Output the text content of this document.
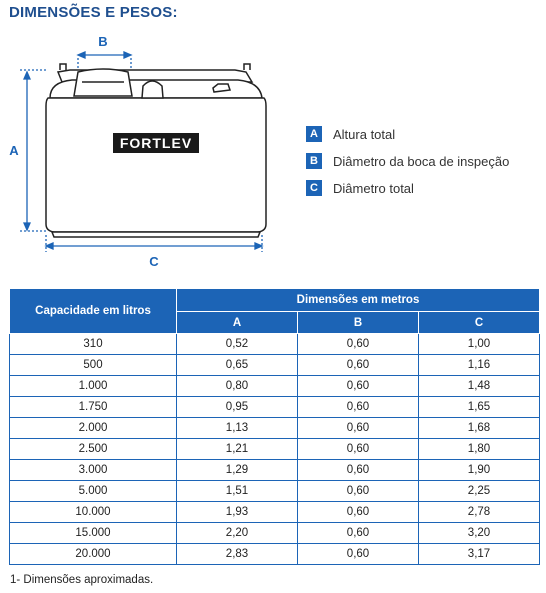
DIMENSÕES E PESOS:
B
A	FORTLEV
C
A	Altura total
B	Diâmetro da boca de inspeção
C	Diâmetro total
Capacidade em litros	Dimensões em metros		
	A	B	C
310	0,52	0,60	1,00
500	0,65	0,60	1,16
1.000	0,80	0,60	1,48
1.750	0,95	0,60	1,65
2.000	1,13	0,60	1,68
2.500	1,21	0,60	1,80
3.000	1,29	0,60	1,90
5.000	1,51	0,60	2,25
10.000	1,93	0,60	2,78
15.000	2,20	0,60	3,20
20.000	2,83	0,60	3,17
1- Dimensões aproximadas.
